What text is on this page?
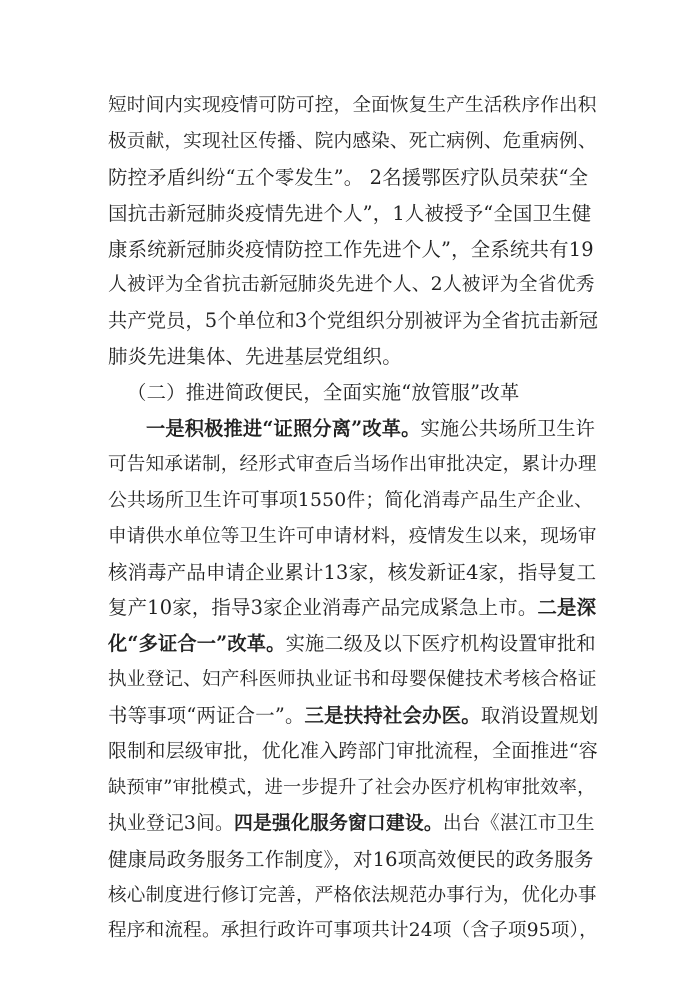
短时间内实现疫情可防可控，全面恢复生产生活秩序作出积
极贡献，实现社区传播、院内感染、死亡病例、危重病例、
防控矛盾纠纷“五个零发生”。 2名援鄂医疗队员荣获“全
国抗击新冠肺炎疫情先进个人”，1人被授予“全国卫生健
康系统新冠肺炎疫情防控工作先进个人”，全系统共有19
人被评为全省抗击新冠肺炎先进个人、2人被评为全省优秀
共产党员，5个单位和3个党组织分别被评为全省抗击新冠
肺炎先进集体、先进基层党组织。
（二）推进简政便民，全面实施“放管服”改革
一是积极推进“证照分离”改革。实施公共场所卫生许
可告知承诺制，经形式审查后当场作出审批决定，累计办理
公共场所卫生许可事项1550件；简化消毒产品生产企业、
申请供水单位等卫生许可申请材料，疫情发生以来，现场审
核消毒产品申请企业累计13家，核发新证4家，指导复工
复产10家，指导3家企业消毒产品完成紧急上市。二是深
化“多证合一”改革。实施二级及以下医疗机构设置审批和
执业登记、妇产科医师执业证书和母婴保健技术考核合格证
书等事项“两证合一”。三是扶持社会办医。取消设置规划
限制和层级审批，优化准入跨部门审批流程，全面推进“容
缺预审”审批模式，进一步提升了社会办医疗机构审批效率，
执业登记3间。四是强化服务窗口建设。出台《湛江市卫生
健康局政务服务工作制度》，对16项高效便民的政务服务
核心制度进行修订完善，严格依法规范办事行为，优化办事
程序和流程。承担行政许可事项共计24项（含子项95项），
